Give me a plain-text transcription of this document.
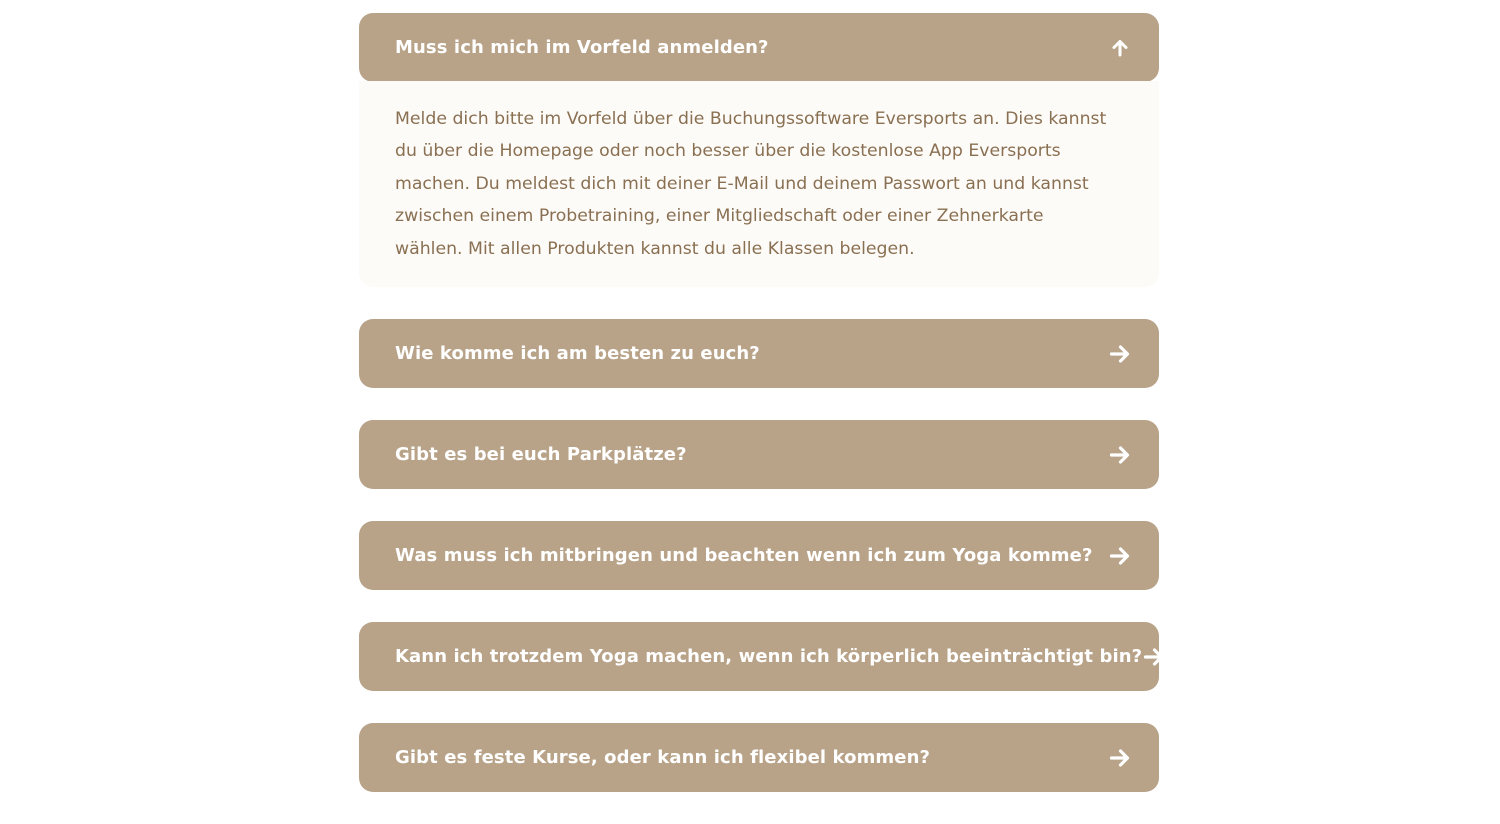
Muss ich mich im Vorfeld anmelden?

Melde dich bitte im Vorfeld über die Buchungssoftware Eversports an. Dies kannst du über die Homepage oder noch besser über die kostenlose App Eversports machen. Du meldest dich mit deiner E-Mail und deinem Passwort an und kannst zwischen einem Probetraining, einer Mitgliedschaft oder einer Zehnerkarte wählen. Mit allen Produkten kannst du alle Klassen belegen.

Wie komme ich am besten zu euch?
Gibt es bei euch Parkplätze?
Was muss ich mitbringen und beachten wenn ich zum Yoga komme?
Kann ich trotzdem Yoga machen, wenn ich körperlich beeinträchtigt bin?
Gibt es feste Kurse, oder kann ich flexibel kommen?
